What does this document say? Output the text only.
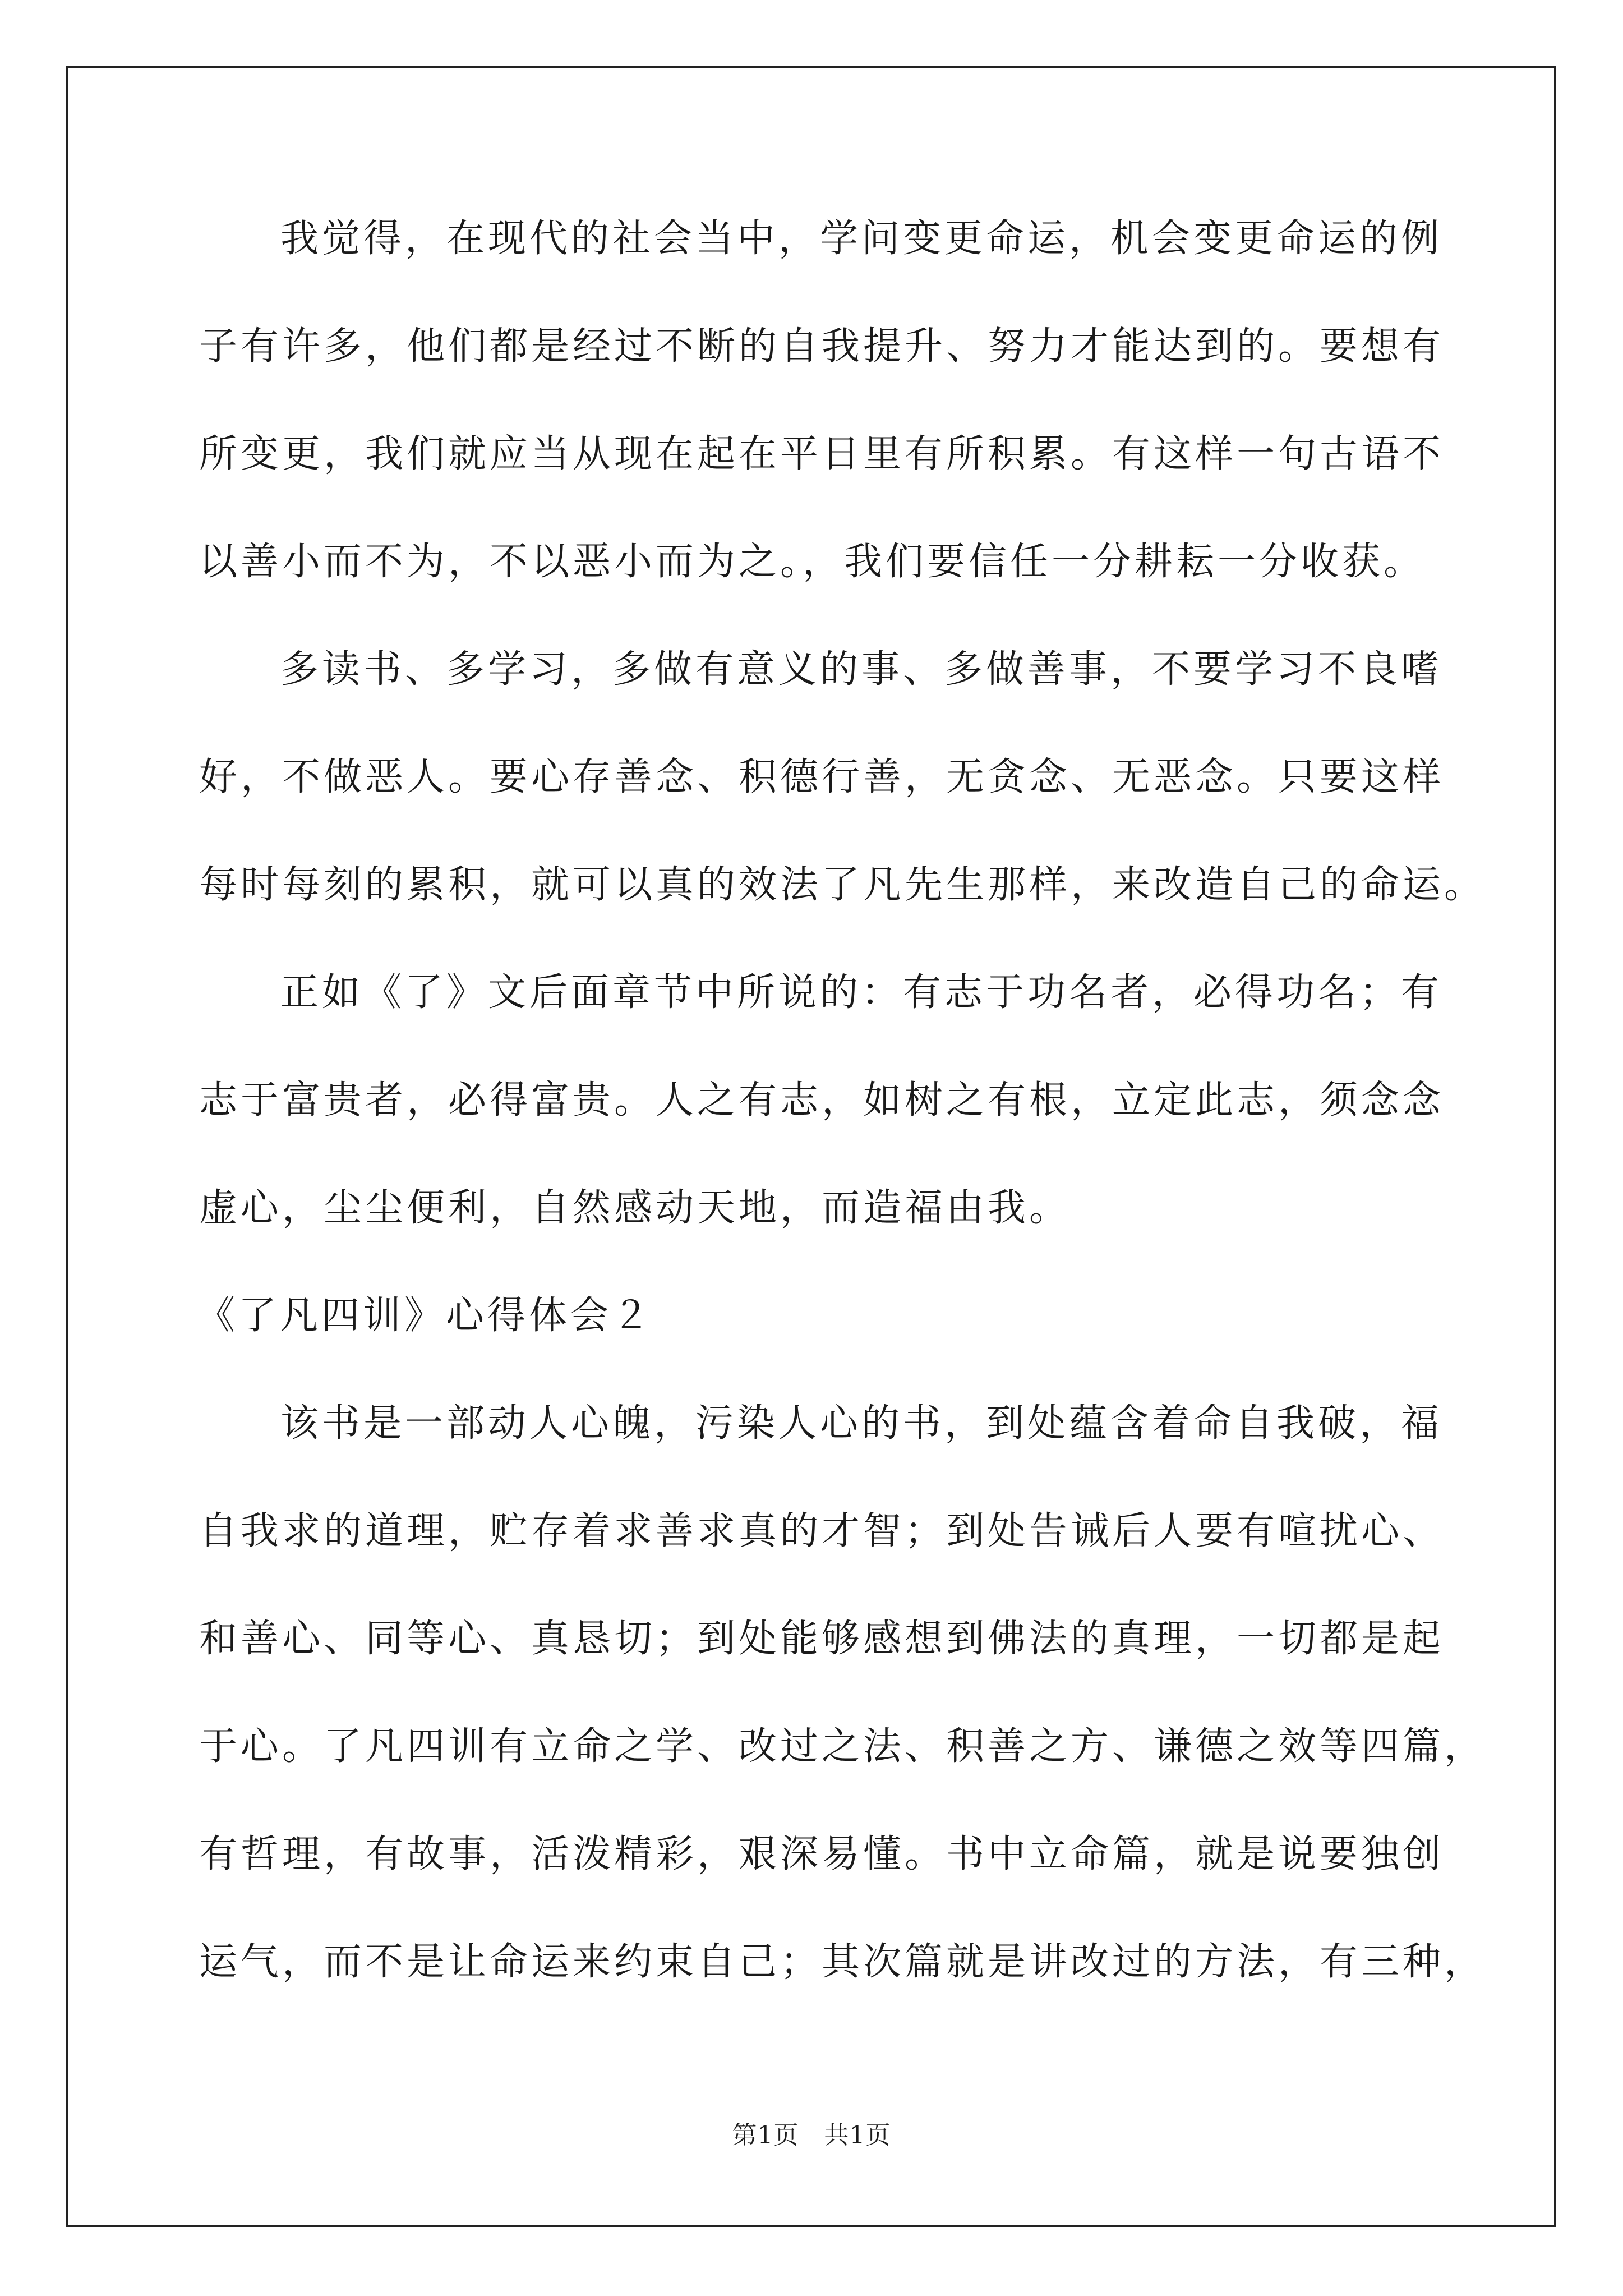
我觉得，在现代的社会当中，学问变更命运，机会变更命运的例
子有许多，他们都是经过不断的自我提升、努力才能达到的。要想有
所变更，我们就应当从现在起在平日里有所积累。有这样一句古语不
以善小而不为，不以恶小而为之。，我们要信任一分耕耘一分收获。
多读书、多学习，多做有意义的事、多做善事，不要学习不良嗜
好，不做恶人。要心存善念、积德行善，无贪念、无恶念。只要这样
每时每刻的累积，就可以真的效法了凡先生那样，来改造自己的命运。
正如《了》文后面章节中所说的：有志于功名者，必得功名；有
志于富贵者，必得富贵。人之有志，如树之有根，立定此志，须念念
虚心，尘尘便利，自然感动天地，而造福由我。
《了凡四训》心得体会２
该书是一部动人心魄，污染人心的书，到处蕴含着命自我破，福
自我求的道理，贮存着求善求真的才智；到处告诫后人要有喧扰心、
和善心、同等心、真恳切；到处能够感想到佛法的真理，一切都是起
于心。了凡四训有立命之学、改过之法、积善之方、谦德之效等四篇，
有哲理，有故事，活泼精彩，艰深易懂。书中立命篇，就是说要独创
运气，而不是让命运来约束自己；其次篇就是讲改过的方法，有三种，
第1页　共1页
